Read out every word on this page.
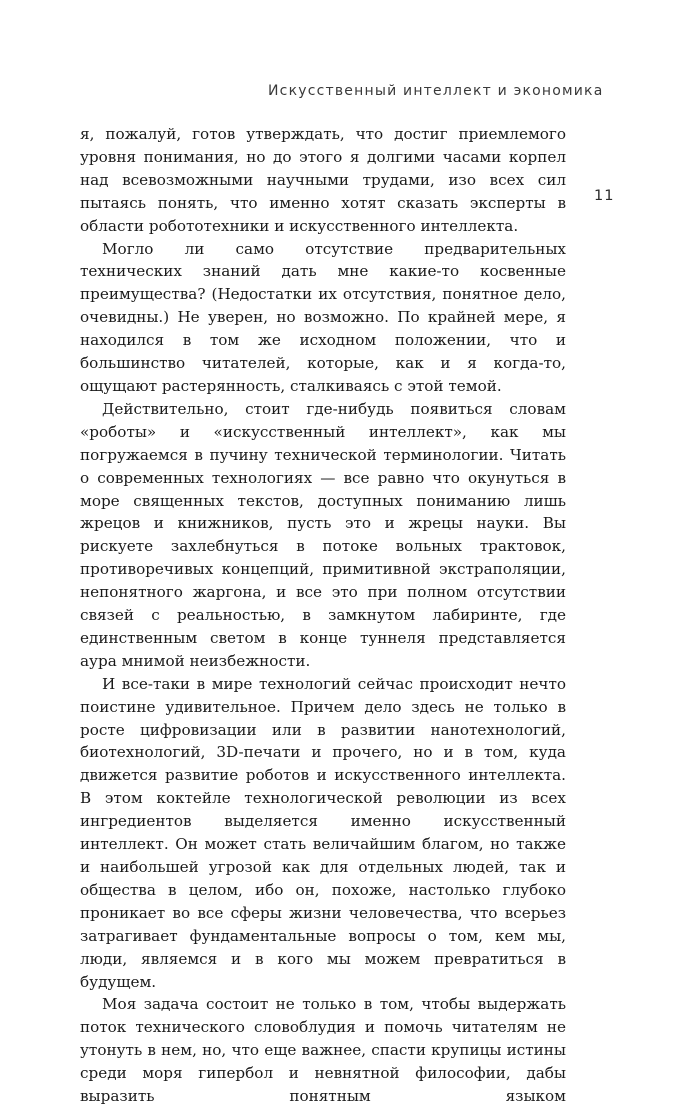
Искусственный интеллект и экономика
11

я, пожалуй, готов утверждать, что достиг приемлемого уровня понимания, но до этого я долгими часами корпел над всевозможными научными трудами, изо всех сил пытаясь понять, что именно хотят сказать эксперты в области робототехники и искусственного интеллекта.

Могло ли само отсутствие предварительных технических знаний дать мне какие-то косвенные преимущества? (Недостатки их отсутствия, понятное дело, очевидны.) Не уверен, но возможно. По крайней мере, я находился в том же исходном положении, что и большинство читателей, которые, как и я когда-то, ощущают растерянность, сталкиваясь с этой темой.

Действительно, стоит где-нибудь появиться словам «роботы» и «искусственный интеллект», как мы погружаемся в пучину технической терминологии. Читать о современных технологиях — все равно что окунуться в море священных текстов, доступных пониманию лишь жрецов и книжников, пусть это и жрецы науки. Вы рискуете захлебнуться в потоке вольных трактовок, противоречивых концепций, примитивной экстраполяции, непонятного жаргона, и все это при полном отсутствии связей с реальностью, в замкнутом лабиринте, где единственным светом в конце туннеля представляется аура мнимой неизбежности.

И все-таки в мире технологий сейчас происходит нечто поистине удивительное. Причем дело здесь не только в росте цифровизации или в развитии нанотехнологий, биотехнологий, 3D-печати и прочего, но и в том, куда движется развитие роботов и искусственного интеллекта. В этом коктейле технологической революции из всех ингредиентов выделяется именно искусственный интеллект. Он может стать величайшим благом, но также и наибольшей угрозой как для отдельных людей, так и общества в целом, ибо он, похоже, настолько глубоко проникает во все сферы жизни человечества, что всерьез затрагивает фундаментальные вопросы о том, кем мы, люди, являемся и в кого мы можем превратиться в будущем.

Моя задача состоит не только в том, чтобы выдержать поток технического словоблудия и помочь читателям не утонуть в нем, но, что еще важнее, спасти крупицы истины среди моря гипербол и невнятной философии, дабы выразить понятным языком
